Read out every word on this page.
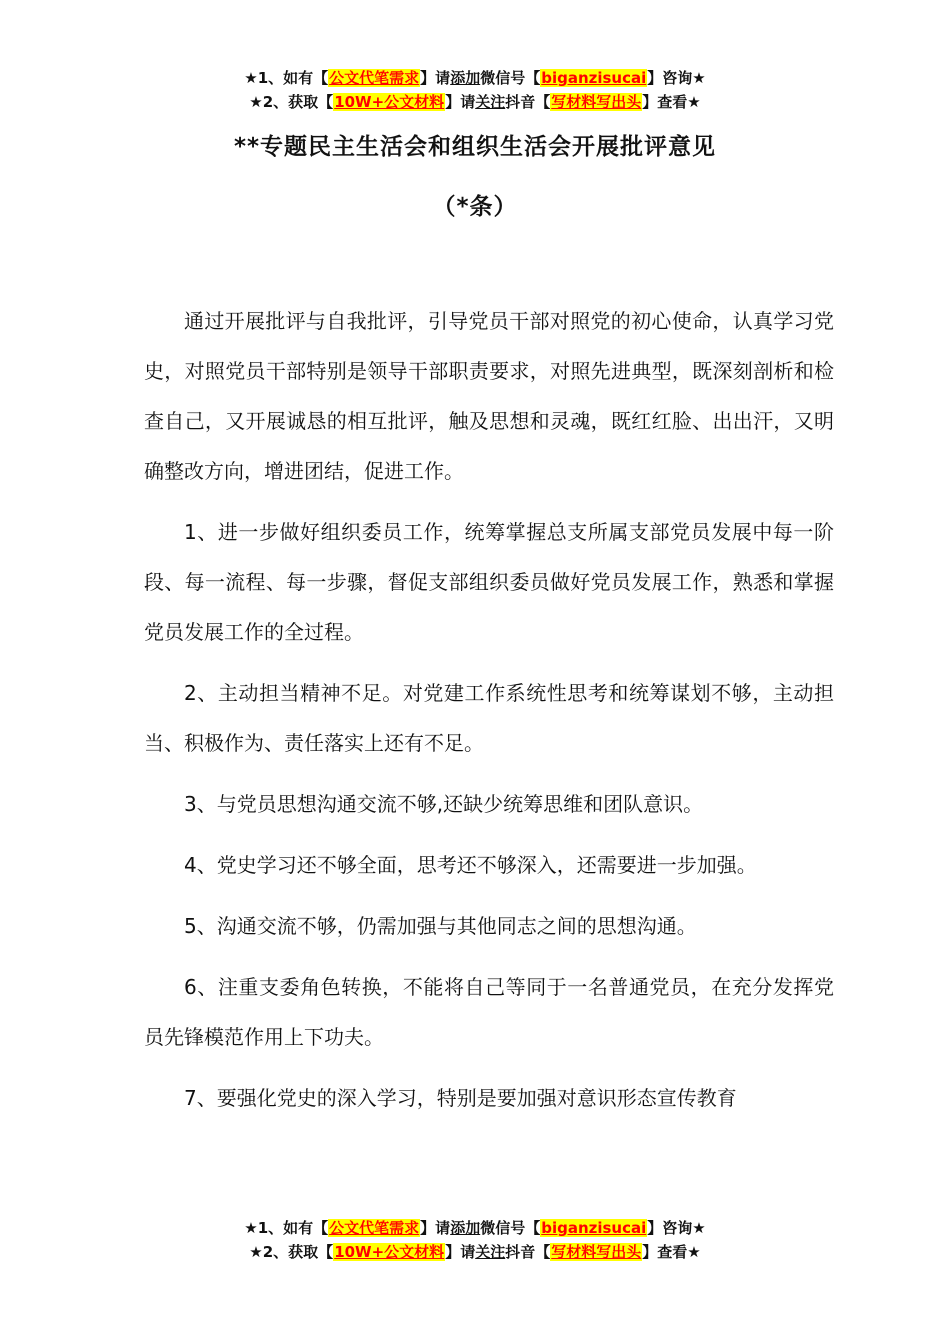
★1、如有【公文代笔需求】请添加微信号【biganzisucai】咨询★
★2、获取【10W+公文材料】请关注抖音【写材料写出头】查看★
**专题民主生活会和组织生活会开展批评意见
（*条）

通过开展批评与自我批评，引导党员干部对照党的初心使命，认真学习党史，对照党员干部特别是领导干部职责要求，对照先进典型，既深刻剖析和检查自己，又开展诚恳的相互批评，触及思想和灵魂，既红红脸、出出汗，又明确整改方向，增进团结，促进工作。

1、进一步做好组织委员工作，统筹掌握总支所属支部党员发展中每一阶段、每一流程、每一步骤，督促支部组织委员做好党员发展工作，熟悉和掌握党员发展工作的全过程。

2、主动担当精神不足。对党建工作系统性思考和统筹谋划不够，主动担当、积极作为、责任落实上还有不足。

3、与党员思想沟通交流不够,还缺少统筹思维和团队意识。

4、党史学习还不够全面，思考还不够深入，还需要进一步加强。

5、沟通交流不够，仍需加强与其他同志之间的思想沟通。

6、注重支委角色转换，不能将自己等同于一名普通党员，在充分发挥党员先锋模范作用上下功夫。

7、要强化党史的深入学习，特别是要加强对意识形态宣传教育

★1、如有【公文代笔需求】请添加微信号【biganzisucai】咨询★
★2、获取【10W+公文材料】请关注抖音【写材料写出头】查看★
